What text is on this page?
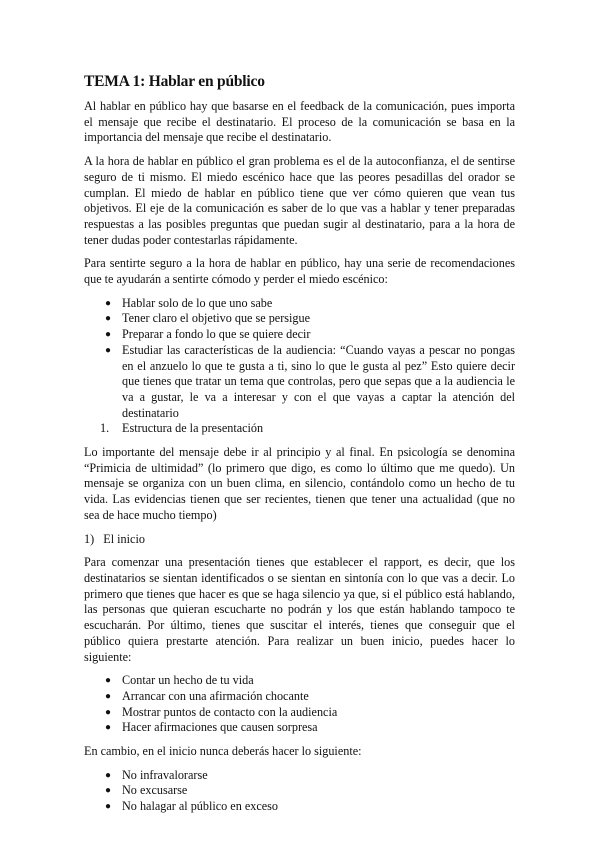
TEMA 1: Hablar en público

Al hablar en público hay que basarse en el feedback de la comunicación, pues importa el mensaje que recibe el destinatario. El proceso de la comunicación se basa en la importancia del mensaje que recibe el destinatario.

A la hora de hablar en público el gran problema es el de la autoconfianza, el de sentirse seguro de ti mismo. El miedo escénico hace que las peores pesadillas del orador se cumplan. El miedo de hablar en público tiene que ver cómo quieren que vean tus objetivos. El eje de la comunicación es saber de lo que vas a hablar y tener preparadas respuestas a las posibles preguntas que puedan sugir al destinatario, para a la hora de tener dudas poder contestarlas rápidamente.

Para sentirte seguro a la hora de hablar en público, hay una serie de recomendaciones que te ayudarán a sentirte cómodo y perder el miedo escénico:

● Hablar solo de lo que uno sabe
● Tener claro el objetivo que se persigue
● Preparar a fondo lo que se quiere decir
● Estudiar las características de la audiencia: “Cuando vayas a pescar no pongas en el anzuelo lo que te gusta a ti, sino lo que le gusta al pez” Esto quiere decir que tienes que tratar un tema que controlas, pero que sepas que a la audiencia le va a gustar, le va a interesar y con el que vayas a captar la atención del destinatario
1. Estructura de la presentación

Lo importante del mensaje debe ir al principio y al final. En psicología se denomina “Primicia de ultimidad” (lo primero que digo, es como lo último que me quedo). Un mensaje se organiza con un buen clima, en silencio, contándolo como un hecho de tu vida. Las evidencias tienen que ser recientes, tienen que tener una actualidad (que no sea de hace mucho tiempo)

1) El inicio

Para comenzar una presentación tienes que establecer el rapport, es decir, que los destinatarios se sientan identificados o se sientan en sintonía con lo que vas a decir. Lo primero que tienes que hacer es que se haga silencio ya que, si el público está hablando, las personas que quieran escucharte no podrán y los que están hablando tampoco te escucharán. Por último, tienes que suscitar el interés, tienes que conseguir que el público quiera prestarte atención. Para realizar un buen inicio, puedes hacer lo siguiente:

● Contar un hecho de tu vida
● Arrancar con una afirmación chocante
● Mostrar puntos de contacto con la audiencia
● Hacer afirmaciones que causen sorpresa

En cambio, en el inicio nunca deberás hacer lo siguiente:

● No infravalorarse
● No excusarse
● No halagar al público en exceso
